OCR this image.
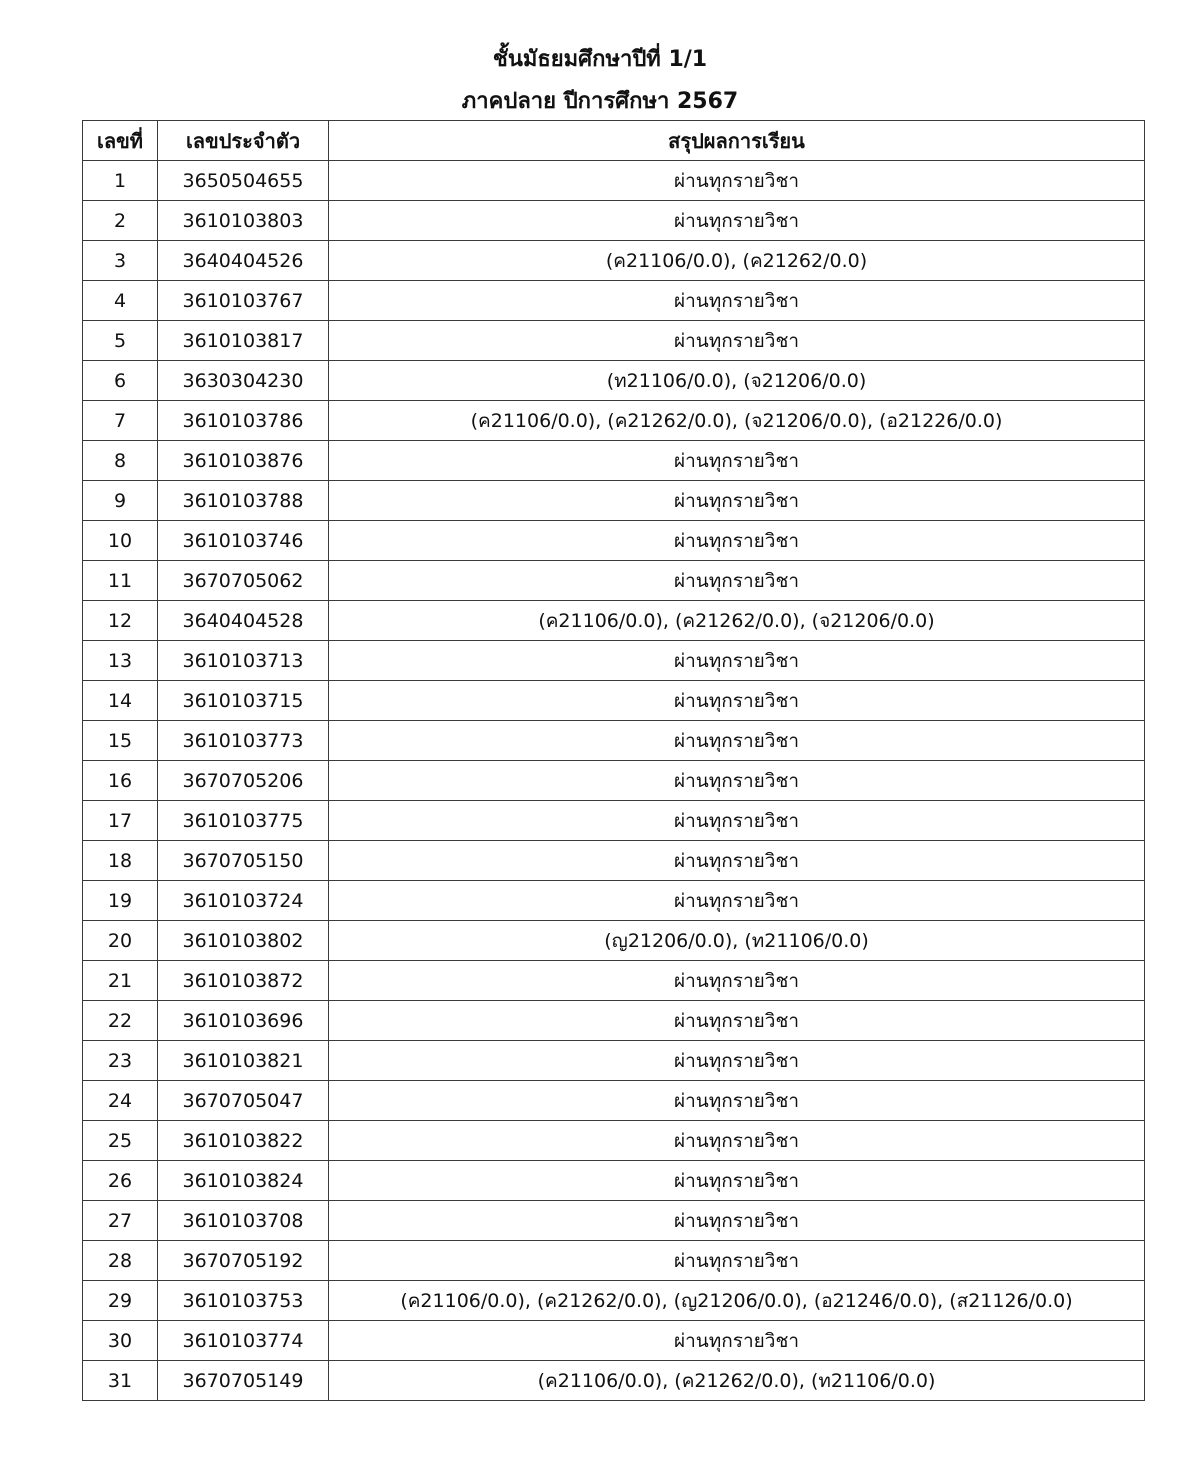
ชั้นมัธยมศึกษาปีที่ 1/1
ภาคปลาย ปีการศึกษา 2567
เลขที่	เลขประจำตัว	สรุปผลการเรียน
1	3650504655	ผ่านทุกรายวิชา
2	3610103803	ผ่านทุกรายวิชา
3	3640404526	(ค21106/0.0), (ค21262/0.0)
4	3610103767	ผ่านทุกรายวิชา
5	3610103817	ผ่านทุกรายวิชา
6	3630304230	(ท21106/0.0), (จ21206/0.0)
7	3610103786	(ค21106/0.0), (ค21262/0.0), (จ21206/0.0), (อ21226/0.0)
8	3610103876	ผ่านทุกรายวิชา
9	3610103788	ผ่านทุกรายวิชา
10	3610103746	ผ่านทุกรายวิชา
11	3670705062	ผ่านทุกรายวิชา
12	3640404528	(ค21106/0.0), (ค21262/0.0), (จ21206/0.0)
13	3610103713	ผ่านทุกรายวิชา
14	3610103715	ผ่านทุกรายวิชา
15	3610103773	ผ่านทุกรายวิชา
16	3670705206	ผ่านทุกรายวิชา
17	3610103775	ผ่านทุกรายวิชา
18	3670705150	ผ่านทุกรายวิชา
19	3610103724	ผ่านทุกรายวิชา
20	3610103802	(ญ21206/0.0), (ท21106/0.0)
21	3610103872	ผ่านทุกรายวิชา
22	3610103696	ผ่านทุกรายวิชา
23	3610103821	ผ่านทุกรายวิชา
24	3670705047	ผ่านทุกรายวิชา
25	3610103822	ผ่านทุกรายวิชา
26	3610103824	ผ่านทุกรายวิชา
27	3610103708	ผ่านทุกรายวิชา
28	3670705192	ผ่านทุกรายวิชา
29	3610103753	(ค21106/0.0), (ค21262/0.0), (ญ21206/0.0), (อ21246/0.0), (ส21126/0.0)
30	3610103774	ผ่านทุกรายวิชา
31	3670705149	(ค21106/0.0), (ค21262/0.0), (ท21106/0.0)
